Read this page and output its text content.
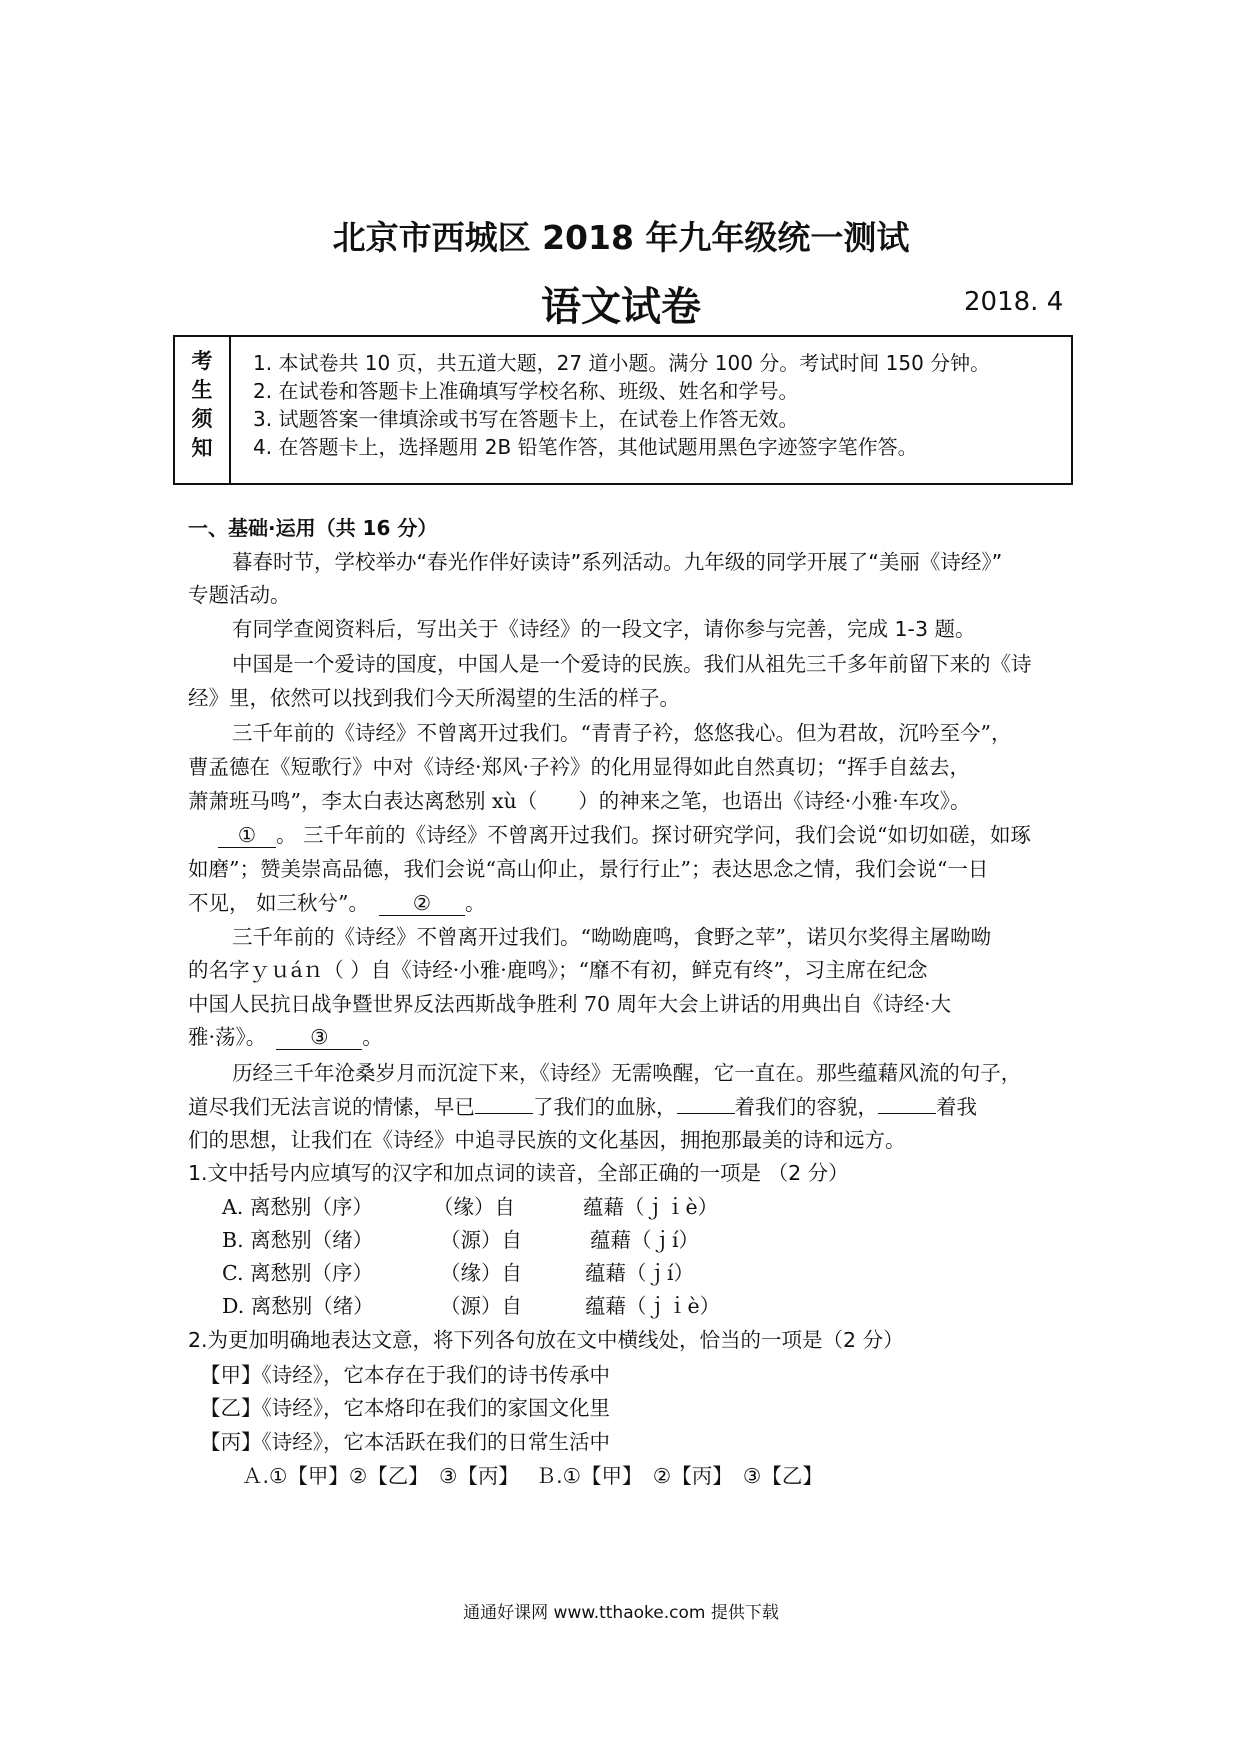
北京市西城区 2018 年九年级统一测试
语文试卷	2018. 4
考
生
须
知
1. 本试卷共 10 页，共五道大题，27 道小题。满分 100 分。考试时间 150 分钟。
2. 在试卷和答题卡上准确填写学校名称、班级、姓名和学号。
3. 试题答案一律填涂或书写在答题卡上，在试卷上作答无效。
4. 在答题卡上，选择题用 2B 铅笔作答，其他试题用黑色字迹签字笔作答。
一、基础·运用（共 16 分）
暮春时节，学校举办“春光作伴好读诗”系列活动。九年级的同学开展了“美丽《诗经》”
专题活动。
有同学查阅资料后，写出关于《诗经》的一段文字，请你参与完善，完成 1-3 题。
中国是一个爱诗的国度，中国人是一个爱诗的民族。我们从祖先三千多年前留下来的《诗
经》里，依然可以找到我们今天所渴望的生活的样子。
三千年前的《诗经》不曾离开过我们。“青青子衿，悠悠我心。但为君故，沉吟至今”，
曹孟德在《短歌行》中对《诗经·郑风·子衿》的化用显得如此自然真切；“挥手自兹去，
萧萧班马鸣”，李太白表达离愁别 xù（　　）的神来之笔，也语出《诗经·小雅·车攻》。
① 。 三千年前的《诗经》不曾离开过我们。探讨研究学问，我们会说“如切如磋，如琢
如磨”；赞美崇高品德，我们会说“高山仰止，景行行止”；表达思念之情，我们会说“一日
不见， 如三秋兮”。 ② 。
三千年前的《诗经》不曾离开过我们。“呦呦鹿鸣，食野之苹”，诺贝尔奖得主屠呦呦
的名字ｙｕáｎ（ ）自《诗经·小雅·鹿鸣》；“靡不有初，鲜克有终”，习主席在纪念
中国人民抗日战争暨世界反法西斯战争胜利 70 周年大会上讲话的用典出自《诗经·大
雅·荡》。 ③ 。
历经三千年沧桑岁月而沉淀下来，《诗经》无需唤醒，它一直在。那些蕴藉风流的句子，
道尽我们无法言说的情愫，早已	了我们的血脉，	着我们的容貌，	着我
们的思想，让我们在《诗经》中追寻民族的文化基因，拥抱那最美的诗和远方。
1.文中括号内应填写的汉字和加点词的读音，全部正确的一项是 （2 分）
A. 离愁别（序）	（缘）自	蕴藉（ｊｉè）
B. 离愁别（绪）	（源）自	蕴藉（ｊí）
C. 离愁别（序）	（缘）自	蕴藉（ｊí）
D. 离愁别（绪）	（源）自	蕴藉（ｊｉè）
2.为更加明确地表达文意，将下列各句放在文中横线处，恰当的一项是（2 分）
【甲】《诗经》，它本存在于我们的诗书传承中
【乙】《诗经》，它本烙印在我们的家国文化里
【丙】《诗经》，它本活跃在我们的日常生活中
Ａ.①【甲】②【乙】　③【丙】　 Ｂ.①【甲】　②【丙】　③【乙】
通通好课网 www.tthaoke.com 提供下载
